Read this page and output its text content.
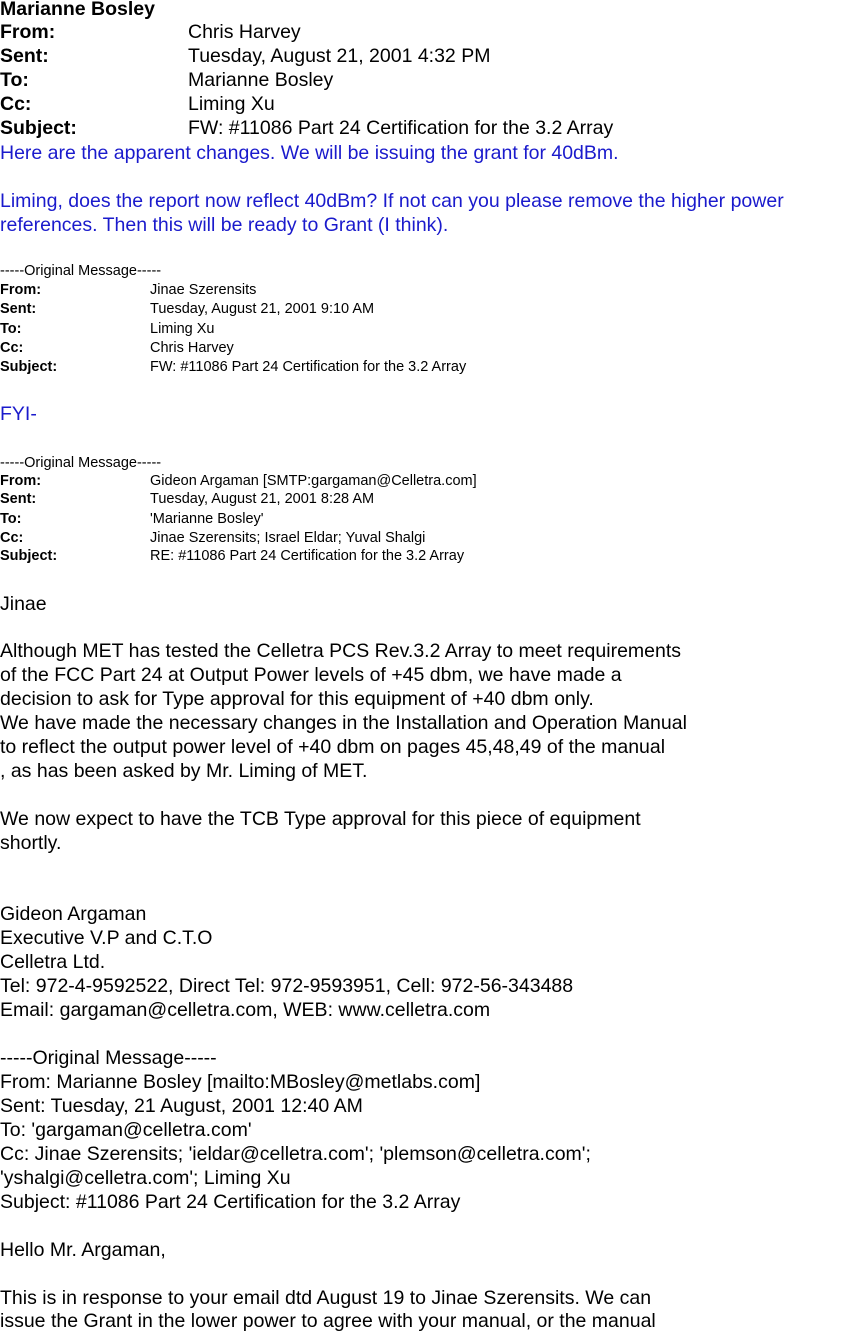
Marianne Bosley
From:	Chris Harvey
Sent:	Tuesday, August 21, 2001 4:32 PM
To:	Marianne Bosley
Cc:	Liming Xu
Subject:	FW: #11086 Part 24 Certification for the 3.2 Array
Here are the apparent changes. We will be issuing the grant for 40dBm.
Liming, does the report now reflect 40dBm? If not can you please remove the higher power
references. Then this will be ready to Grant (I think).
-----Original Message-----
From:	Jinae Szerensits
Sent:	Tuesday, August 21, 2001 9:10 AM
To:	Liming Xu
Cc:	Chris Harvey
Subject:	FW: #11086 Part 24 Certification for the 3.2 Array
FYI-
-----Original Message-----
From:	Gideon Argaman [SMTP:gargaman@Celletra.com]
Sent:	Tuesday, August 21, 2001 8:28 AM
To:	'Marianne Bosley'
Cc:	Jinae Szerensits; Israel Eldar; Yuval Shalgi
Subject:	RE: #11086 Part 24 Certification for the 3.2 Array
Jinae
Although MET has tested the Celletra PCS Rev.3.2 Array to meet requirements
of the FCC Part 24 at Output Power levels of +45 dbm, we have made a
decision to ask for Type approval for this equipment of +40 dbm only.
We have made the necessary changes in the Installation and Operation Manual
to reflect the output power level of +40 dbm on pages 45,48,49 of the manual
, as has been asked by Mr. Liming of MET.
We now expect to have the TCB Type approval for this piece of equipment
shortly.
Gideon Argaman
Executive V.P and C.T.O
Celletra Ltd.
Tel: 972-4-9592522, Direct Tel: 972-9593951, Cell: 972-56-343488
Email: gargaman@celletra.com, WEB: www.celletra.com
-----Original Message-----
From: Marianne Bosley [mailto:MBosley@metlabs.com]
Sent: Tuesday, 21 August, 2001 12:40 AM
To: 'gargaman@celletra.com'
Cc: Jinae Szerensits; 'ieldar@celletra.com'; 'plemson@celletra.com';
'yshalgi@celletra.com'; Liming Xu
Subject: #11086 Part 24 Certification for the 3.2 Array
Hello Mr. Argaman,
This is in response to your email dtd August 19 to Jinae Szerensits. We can
issue the Grant in the lower power to agree with your manual, or the manual
